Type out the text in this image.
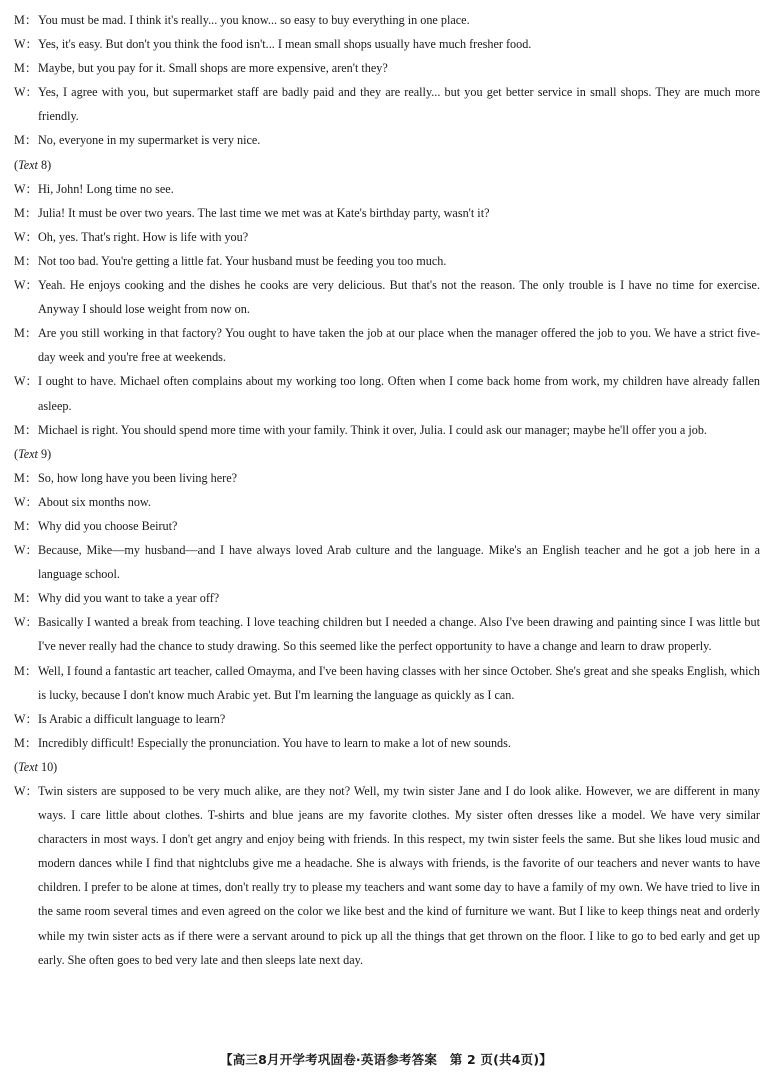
M： You must be mad. I think it's really... you know... so easy to buy everything in one place.
W： Yes, it's easy. But don't you think the food isn't... I mean small shops usually have much fresher food.
M： Maybe, but you pay for it. Small shops are more expensive, aren't they?
W： Yes, I agree with you, but supermarket staff are badly paid and they are really... but you get better service in small shops. They are much more friendly.
M： No, everyone in my supermarket is very nice.
(Text 8)
W： Hi, John! Long time no see.
M： Julia! It must be over two years. The last time we met was at Kate's birthday party, wasn't it?
W： Oh, yes. That's right. How is life with you?
M： Not too bad. You're getting a little fat. Your husband must be feeding you too much.
W： Yeah. He enjoys cooking and the dishes he cooks are very delicious. But that's not the reason. The only trouble is I have no time for exercise. Anyway I should lose weight from now on.
M： Are you still working in that factory? You ought to have taken the job at our place when the manager offered the job to you. We have a strict five-day week and you're free at weekends.
W： I ought to have. Michael often complains about my working too long. Often when I come back home from work, my children have already fallen asleep.
M： Michael is right. You should spend more time with your family. Think it over, Julia. I could ask our manager; maybe he'll offer you a job.
(Text 9)
M： So, how long have you been living here?
W： About six months now.
M： Why did you choose Beirut?
W： Because, Mike—my husband—and I have always loved Arab culture and the language. Mike's an English teacher and he got a job here in a language school.
M： Why did you want to take a year off?
W： Basically I wanted a break from teaching. I love teaching children but I needed a change. Also I've been drawing and painting since I was little but I've never really had the chance to study drawing. So this seemed like the perfect opportunity to have a change and learn to draw properly.
M： Well, I found a fantastic art teacher, called Omayma, and I've been having classes with her since October. She's great and she speaks English, which is lucky, because I don't know much Arabic yet. But I'm learning the language as quickly as I can.
W： Is Arabic a difficult language to learn?
M： Incredibly difficult! Especially the pronunciation. You have to learn to make a lot of new sounds.
(Text 10)
W： Twin sisters are supposed to be very much alike, are they not? Well, my twin sister Jane and I do look alike. However, we are different in many ways. I care little about clothes. T-shirts and blue jeans are my favorite clothes. My sister often dresses like a model. We have very similar characters in most ways. I don't get angry and enjoy being with friends. In this respect, my twin sister feels the same. But she likes loud music and modern dances while I find that nightclubs give me a headache. She is always with friends, is the favorite of our teachers and never wants to have children. I prefer to be alone at times, don't really try to please my teachers and want some day to have a family of my own. We have tried to live in the same room several times and even agreed on the color we like best and the kind of furniture we want. But I like to keep things neat and orderly while my twin sister acts as if there were a servant around to pick up all the things that get thrown on the floor. I like to go to bed early and get up early. She often goes to bed very late and then sleeps late next day.
【高三8月开学考巩固卷·英语参考答案　第 2 页(共4页)】
